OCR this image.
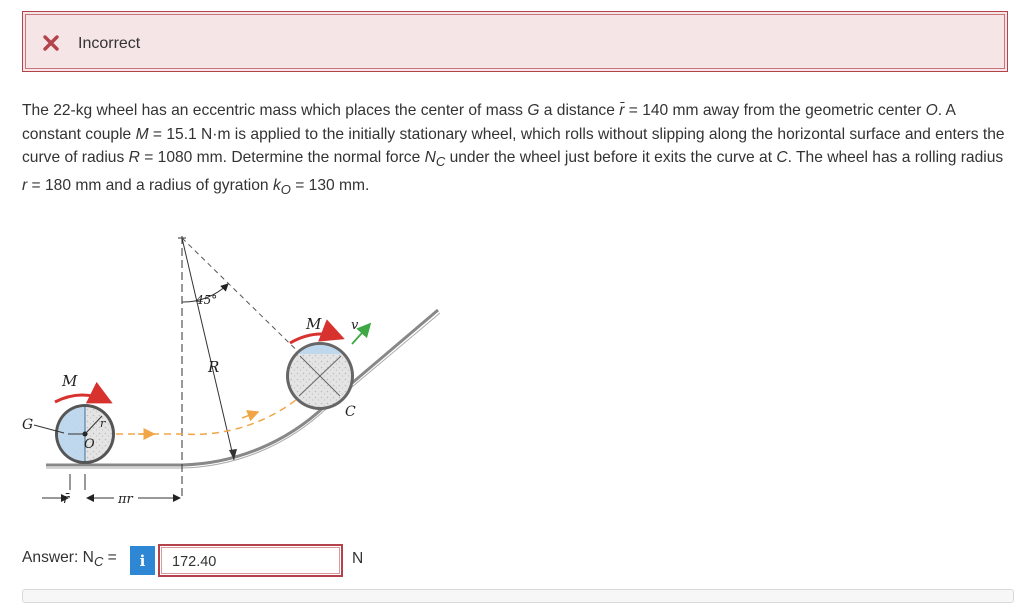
Incorrect
The 22-kg wheel has an eccentric mass which places the center of mass G a distance r̄ = 140 mm away from the geometric center O. A constant couple M = 15.1 N·m is applied to the initially stationary wheel, which rolls without slipping along the horizontal surface and enters the curve of radius R = 1080 mm. Determine the normal force $N_C$ under the wheel just before it exits the curve at C. The wheel has a rolling radius r = 180 mm and a radius of gyration $k_O = 130$ mm.
R
45°
M
G
O
r
r̄	πr
M v
C
Answer: $N_C = i$ 172.40	N
